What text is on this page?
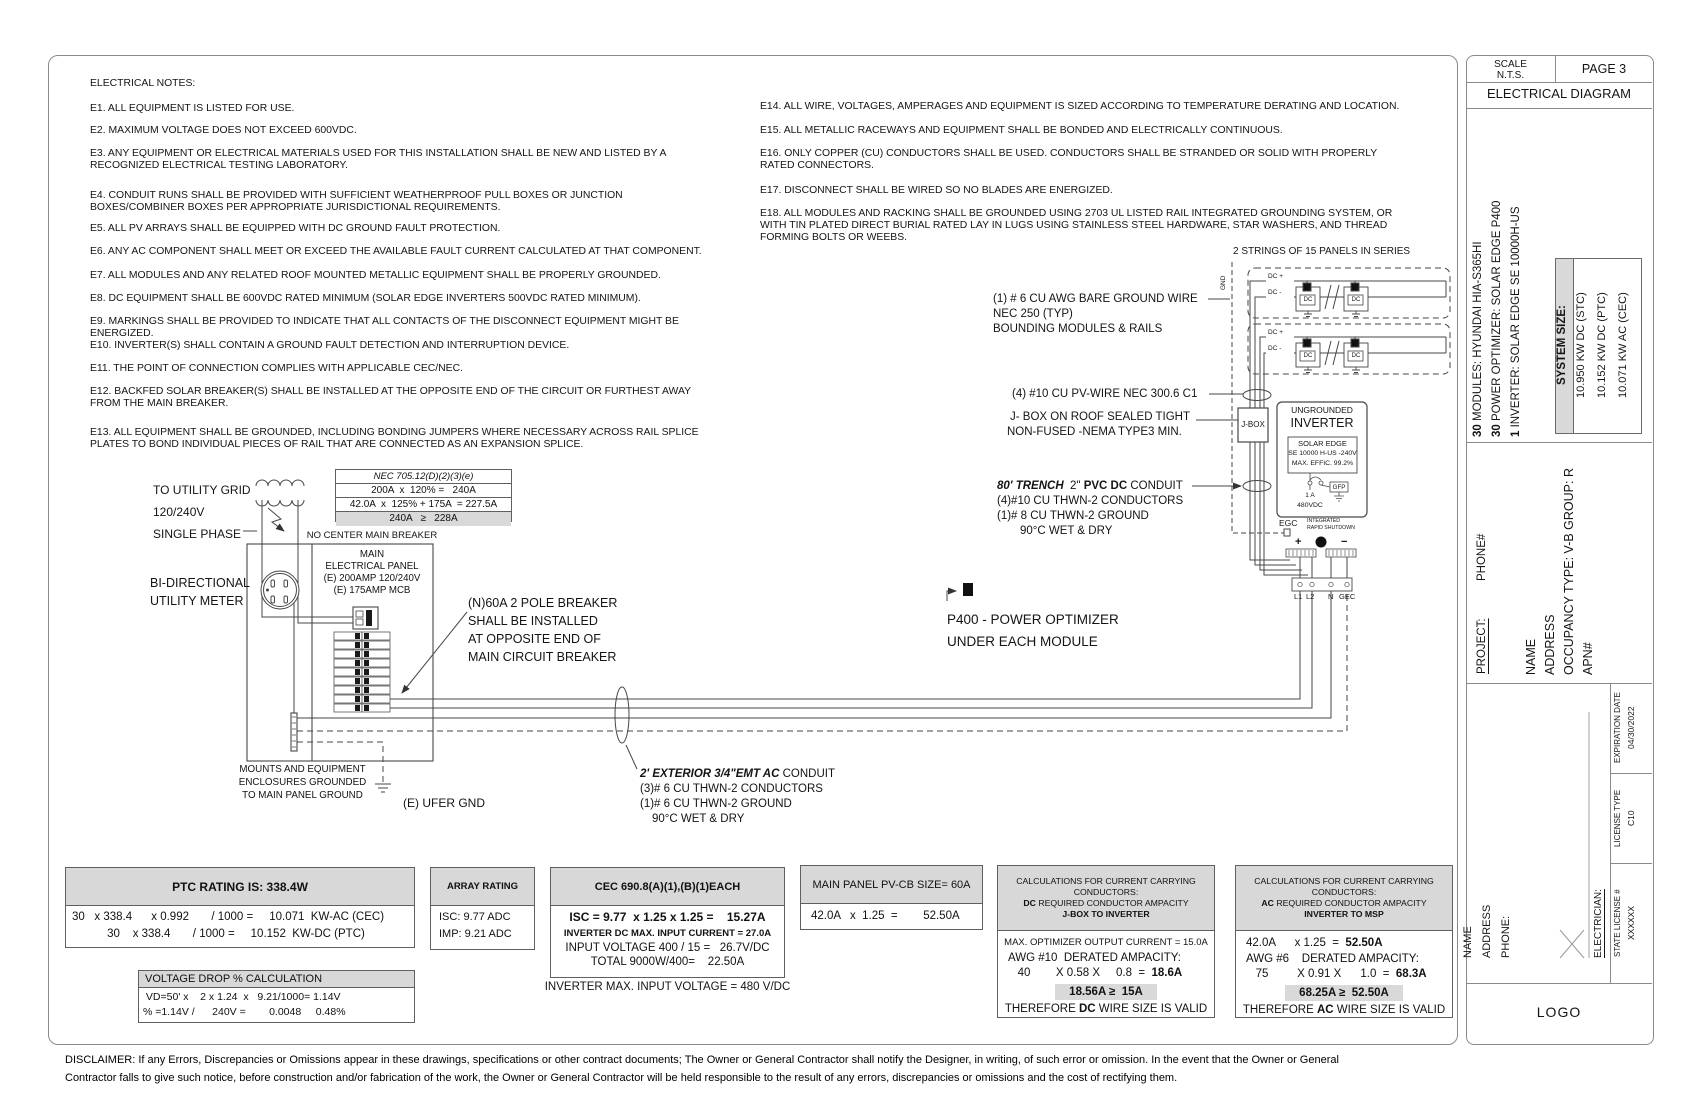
SCALE
N.T.S.	PAGE 3
ELECTRICAL DIAGRAM
30 MODULES: HYUNDAI HIA-S365HI
30 POWER OPTIMIZER: SOLAR EDGE P400
1 INVERTER: SOLAR EDGE SE 10000H-US	SYSTEM SIZE: 10.950 KW DC (STC) 10.152 KW DC (PTC) 10.071 KW AC (CEC)
PROJECT:
PHONE#
NAME ADDRESS OCCUPANCY TYPE: V-B GROUP: R APN#
NAME ADDRESS PHONE:	ELECTRICIAN:
EXPIRATION DATE 04/30/2022
LICENSE TYPE C10
STATE LICENSE # XXXXXX
LOGO
ELECTRICAL NOTES:
E1. ALL EQUIPMENT IS LISTED FOR USE.
E2. MAXIMUM VOLTAGE DOES NOT EXCEED 600VDC.
E3. ANY EQUIPMENT OR ELECTRICAL MATERIALS USED FOR THIS INSTALLATION SHALL BE NEW AND LISTED BY A RECOGNIZED ELECTRICAL TESTING LABORATORY.
E4. CONDUIT RUNS SHALL BE PROVIDED WITH SUFFICIENT WEATHERPROOF PULL BOXES OR JUNCTION BOXES/COMBINER BOXES PER APPROPRIATE JURISDICTIONAL REQUIREMENTS.
E5. ALL PV ARRAYS SHALL BE EQUIPPED WITH DC GROUND FAULT PROTECTION.
E6. ANY AC COMPONENT SHALL MEET OR EXCEED THE AVAILABLE FAULT CURRENT CALCULATED AT THAT COMPONENT.
E7. ALL MODULES AND ANY RELATED ROOF MOUNTED METALLIC EQUIPMENT SHALL BE PROPERLY GROUNDED.
E8. DC EQUIPMENT SHALL BE 600VDC RATED MINIMUM (SOLAR EDGE INVERTERS 500VDC RATED MINIMUM).
E9. MARKINGS SHALL BE PROVIDED TO INDICATE THAT ALL CONTACTS OF THE DISCONNECT EQUIPMENT MIGHT BE ENERGIZED.
E10. INVERTER(S) SHALL CONTAIN A GROUND FAULT DETECTION AND INTERRUPTION DEVICE.
E11. THE POINT OF CONNECTION COMPLIES WITH APPLICABLE CEC/NEC.
E12. BACKFED SOLAR BREAKER(S) SHALL BE INSTALLED AT THE OPPOSITE END OF THE CIRCUIT OR FURTHEST AWAY FROM THE MAIN BREAKER.
E13. ALL EQUIPMENT SHALL BE GROUNDED, INCLUDING BONDING JUMPERS WHERE NECESSARY ACROSS RAIL SPLICE PLATES TO BOND INDIVIDUAL PIECES OF RAIL THAT ARE CONNECTED AS AN EXPANSION SPLICE.
E14. ALL WIRE, VOLTAGES, AMPERAGES AND EQUIPMENT IS SIZED ACCORDING TO TEMPERATURE DERATING AND LOCATION.
E15. ALL METALLIC RACEWAYS AND EQUIPMENT SHALL BE BONDED AND ELECTRICALLY CONTINUOUS.
E16. ONLY COPPER (CU) CONDUCTORS SHALL BE USED. CONDUCTORS SHALL BE STRANDED OR SOLID WITH PROPERLY RATED CONNECTORS.
E17. DISCONNECT SHALL BE WIRED SO NO BLADES ARE ENERGIZED.
E18. ALL MODULES AND RACKING SHALL BE GROUNDED USING 2703 UL LISTED RAIL INTEGRATED GROUNDING SYSTEM, OR WITH TIN PLATED DIRECT BURIAL RATED LAY IN LUGS USING STAINLESS STEEL HARDWARE, STAR WASHERS, AND THREAD FORMING BOLTS OR WEEBS.
TO UTILITY GRID
120/240V
SINGLE PHASE
BI-DIRECTIONAL
UTILITY METER
NEC 705.12(D)(2)(3)(e)
200A  x  120% =   240A
42.0A  x  125% + 175A  = 227.5A
240A   ≥   228A
NO CENTER MAIN BREAKER
MAIN
ELECTRICAL PANEL
(E) 200AMP 120/240V
(E) 175AMP MCB
(N)60A 2 POLE BREAKER
SHALL BE INSTALLED
AT OPPOSITE END OF
MAIN CIRCUIT BREAKER
MOUNTS AND EQUIPMENT
ENCLOSURES GROUNDED
TO MAIN PANEL GROUND
(E) UFER GND
2' EXTERIOR 3/4"EMT AC CONDUIT
(3)# 6 CU THWN-2 CONDUCTORS
(1)# 6 CU THWN-2 GROUND
90°C WET & DRY
P400 - POWER OPTIMIZER
UNDER EACH MODULE
(1) # 6 CU AWG BARE GROUND WIRE
NEC 250 (TYP)
BOUNDING MODULES & RAILS
(4) #10 CU PV-WIRE NEC 300.6 C1
J- BOX ON ROOF SEALED TIGHT
NON-FUSED -NEMA TYPE3 MIN.
80' TRENCH  2" PVC DC CONDUIT
(4)#10 CU THWN-2 CONDUCTORS
(1)# 8 CU THWN-2 GROUND
90°C WET & DRY
2 STRINGS OF 15 PANELS IN SERIES
GND	DC +
DC -
DC +
DC -
DC	DC
DC	DC
J-BOX
UNGROUNDED
INVERTER
SOLAR EDGE
SE 10000 H-US -240V
MAX. EFFIC. 99.2%
1 A
480VDC
GFP
EGC INTEGRATED
RAPID SHUTDOWN
+	−
L1 L2 N GEC
PTC RATING IS: 338.4W
30   x 338.4      x 0.992       / 1000 =     10.071  KW-AC (CEC)
30    x 338.4       / 1000 =     10.152  KW-DC (PTC)
VOLTAGE DROP % CALCULATION
VD=50' x    2 x 1.24  x   9.21/1000= 1.14V
% =1.14V /      240V =        0.0048     0.48%
ARRAY RATING
ISC: 9.77 ADC
IMP: 9.21 ADC
CEC 690.8(A)(1),(B)(1)EACH
ISC = 9.77  x 1.25 x 1.25 =    15.27A
INVERTER DC MAX. INPUT CURRENT = 27.0A
INPUT VOLTAGE 400 / 15 =   26.7V/DC
TOTAL 9000W/400=    22.50A
INVERTER MAX. INPUT VOLTAGE = 480 V/DC
MAIN PANEL PV-CB SIZE= 60A
42.0A   x  1.25  =        52.50A
CALCULATIONS FOR CURRENT CARRYING
CONDUCTORS:
DC REQUIRED CONDUCTOR AMPACITY
J-BOX TO INVERTER
MAX. OPTIMIZER OUTPUT CURRENT = 15.0A
AWG #10  DERATED AMPACITY:
40        X 0.58 X     0.8  =  18.6A
18.56A ≥  15A
THEREFORE DC WIRE SIZE IS VALID
CALCULATIONS FOR CURRENT CARRYING
CONDUCTORS:
AC REQUIRED CONDUCTOR AMPACITY
INVERTER TO MSP
42.0A      x 1.25  =  52.50A
AWG #6    DERATED AMPACITY:
75         X 0.91 X      1.0  =  68.3A
68.25A ≥  52.50A
THEREFORE AC WIRE SIZE IS VALID
DISCLAIMER: If any Errors, Discrepancies or Omissions appear in these drawings, specifications or other contract documents; The Owner or General Contractor shall notify the Designer, in writing, of such error or omission. In the event that the Owner or General Contractor falls to give such notice, before construction and/or fabrication of the work, the Owner or General Contractor will be held responsible to the result of any errors, discrepancies or omissions and the cost of rectifying them.
